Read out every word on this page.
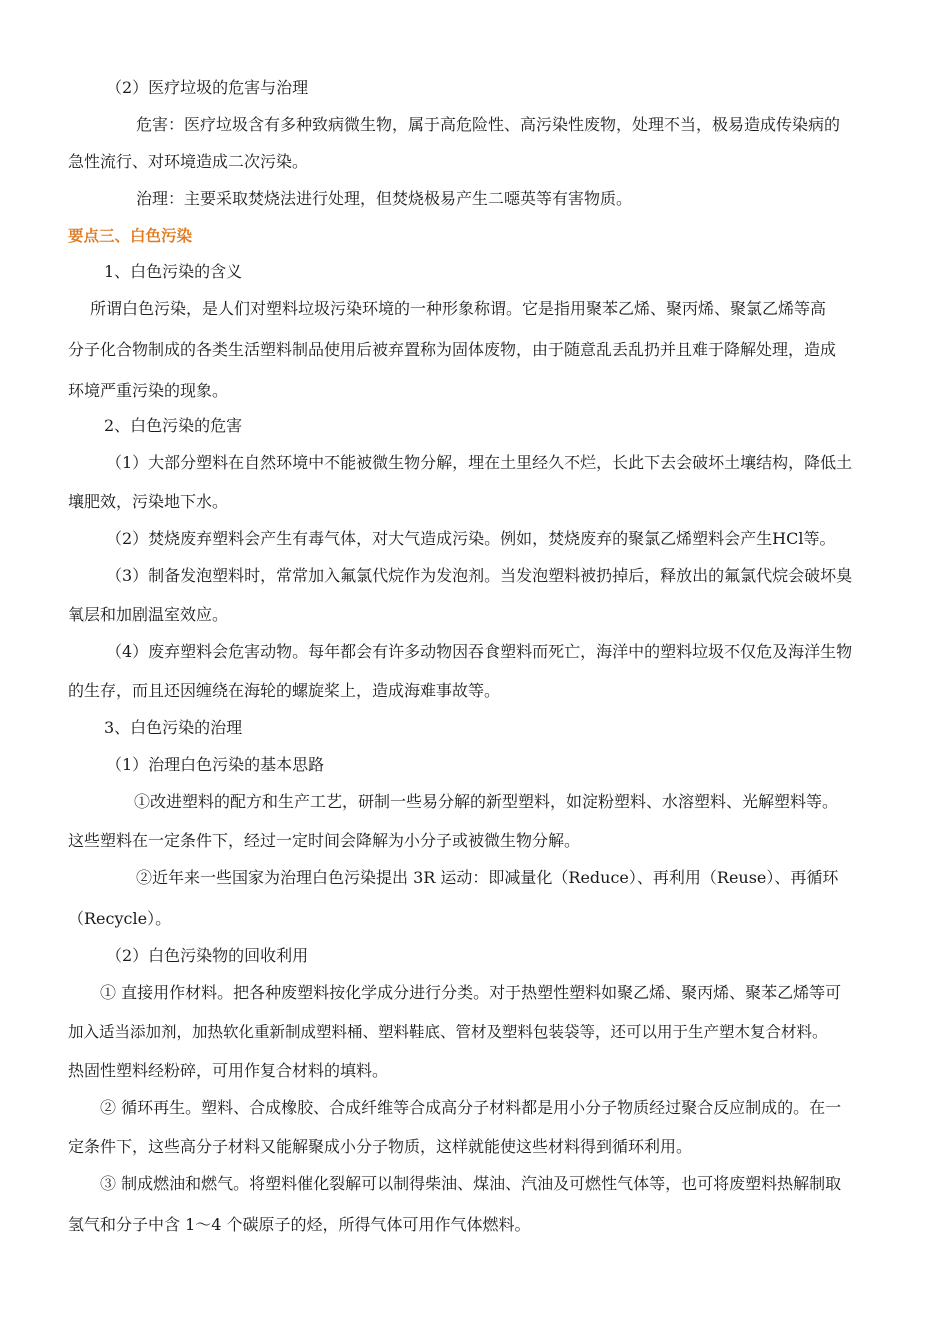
（2）医疗垃圾的危害与治理
危害：医疗垃圾含有多种致病微生物，属于高危险性、高污染性废物，处理不当，极易造成传染病的
急性流行、对环境造成二次污染。
治理：主要采取焚烧法进行处理，但焚烧极易产生二噁英等有害物质。
要点三、白色污染
1、白色污染的含义
所谓白色污染，是人们对塑料垃圾污染环境的一种形象称谓。它是指用聚苯乙烯、聚丙烯、聚氯乙烯等高
分子化合物制成的各类生活塑料制品使用后被弃置称为固体废物，由于随意乱丢乱扔并且难于降解处理，造成
环境严重污染的现象。
2、白色污染的危害
（1）大部分塑料在自然环境中不能被微生物分解，埋在土里经久不烂，长此下去会破坏土壤结构，降低土
壤肥效，污染地下水。
（2）焚烧废弃塑料会产生有毒气体，对大气造成污染。例如，焚烧废弃的聚氯乙烯塑料会产生HCl等。
（3）制备发泡塑料时，常常加入氟氯代烷作为发泡剂。当发泡塑料被扔掉后，释放出的氟氯代烷会破坏臭
氧层和加剧温室效应。
（4）废弃塑料会危害动物。每年都会有许多动物因吞食塑料而死亡，海洋中的塑料垃圾不仅危及海洋生物
的生存，而且还因缠绕在海轮的螺旋桨上，造成海难事故等。
3、白色污染的治理
（1）治理白色污染的基本思路
①改进塑料的配方和生产工艺，研制一些易分解的新型塑料，如淀粉塑料、水溶塑料、光解塑料等。
这些塑料在一定条件下，经过一定时间会降解为小分子或被微生物分解。
②近年来一些国家为治理白色污染提出 3R 运动：即减量化（Reduce）、再利用（Reuse）、再循环
（Recycle）。
（2）白色污染物的回收利用
① 直接用作材料。把各种废塑料按化学成分进行分类。对于热塑性塑料如聚乙烯、聚丙烯、聚苯乙烯等可
加入适当添加剂，加热软化重新制成塑料桶、塑料鞋底、管材及塑料包装袋等，还可以用于生产塑木复合材料。
热固性塑料经粉碎，可用作复合材料的填料。
② 循环再生。塑料、合成橡胶、合成纤维等合成高分子材料都是用小分子物质经过聚合反应制成的。在一
定条件下，这些高分子材料又能解聚成小分子物质，这样就能使这些材料得到循环利用。
③ 制成燃油和燃气。将塑料催化裂解可以制得柴油、煤油、汽油及可燃性气体等，也可将废塑料热解制取
氢气和分子中含 1～4 个碳原子的烃，所得气体可用作气体燃料。
